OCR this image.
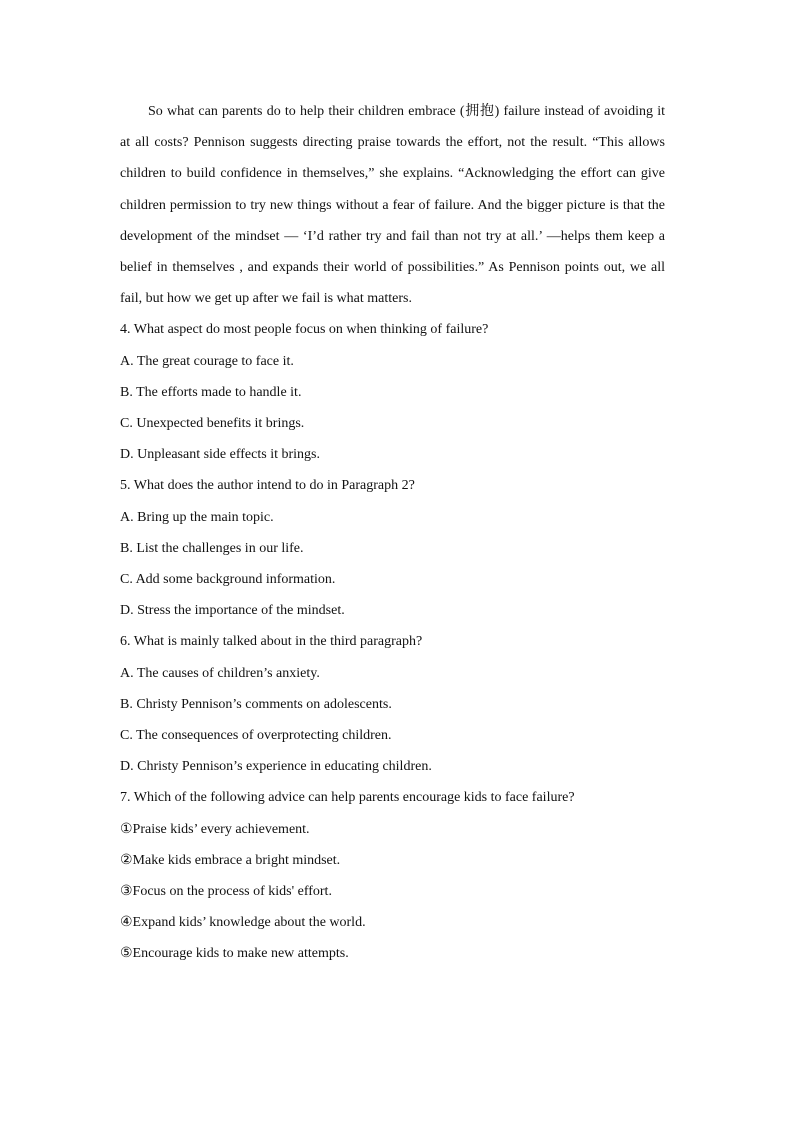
So what can parents do to help their children embrace (拥抱) failure instead of avoiding it at all costs? Pennison suggests directing praise towards the effort, not the result. “This allows children to build confidence in themselves,” she explains. “Acknowledging the effort can give children permission to try new things without a fear of failure. And the bigger picture is that the development of the mindset — ‘I’d rather try and fail than not try at all.’ —helps them keep a belief in themselves , and expands their world of possibilities.” As Pennison points out, we all fail, but how we get up after we fail is what matters.

4. What aspect do most people focus on when thinking of failure?

A. The great courage to face it.

B. The efforts made to handle it.

C. Unexpected benefits it brings.

D. Unpleasant side effects it brings.

5. What does the author intend to do in Paragraph 2?

A. Bring up the main topic.

B. List the challenges in our life.

C. Add some background information.

D. Stress the importance of the mindset.

6. What is mainly talked about in the third paragraph?

A. The causes of children’s anxiety.

B. Christy Pennison’s comments on adolescents.

C. The consequences of overprotecting children.

D. Christy Pennison’s experience in educating children.

7. Which of the following advice can help parents encourage kids to face failure?

①Praise kids’ every achievement.

②Make kids embrace a bright mindset.

③Focus on the process of kids' effort.

④Expand kids’ knowledge about the world.

⑤Encourage kids to make new attempts.
